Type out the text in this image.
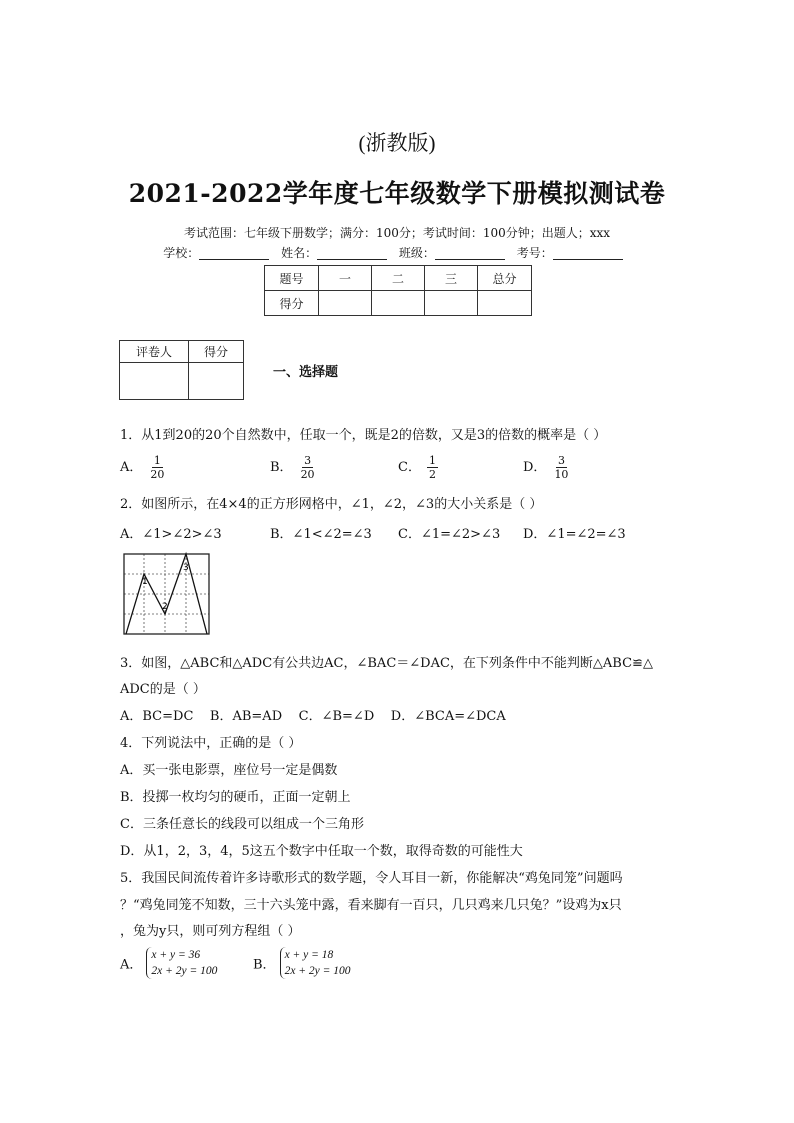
(浙教版)
2021-2022学年度七年级数学下册模拟测试卷
考试范围：七年级下册数学；满分：100分；考试时间：100分钟；出题人；xxx
学校：	姓名：	班级：	考号：
题号	一	二	三	总分
得分				
评卷人	得分

一、选择题
1．从1到20的20个自然数中，任取一个，既是2的倍数，又是3的倍数的概率是（ ）
A． $\frac{1}{20}$	B． $\frac{3}{20}$	C． $\frac{1}{2}$	D． $\frac{3}{10}$
2．如图所示，在4×4的正方形网格中，∠1，∠2，∠3的大小关系是（ ）
A．∠1>∠2>∠3	B．∠1<∠2=∠3 C．∠1=∠2>∠3 D．∠1=∠2=∠3
1
2
3
3．如图，△ABC和△ADC有公共边AC，∠BAC＝∠DAC，在下列条件中不能判断△ABC≌△
ADC的是（ ）
A．BC=DC    B．AB=AD    C．∠B=∠D    D．∠BCA=∠DCA
4．下列说法中，正确的是（ ）
A．买一张电影票，座位号一定是偶数
B．投掷一枚均匀的硬币，正面一定朝上
C．三条任意长的线段可以组成一个三角形
D．从1，2，3，4，5这五个数字中任取一个数，取得奇数的可能性大
5．我国民间流传着许多诗歌形式的数学题，令人耳目一新，你能解决“鸡兔同笼”问题吗
？“鸡兔同笼不知数，三十六头笼中露，看来脚有一百只，几只鸡来几只兔？”设鸡为x只
，兔为y只，则可列方程组（ ）
A．
x + y = 36
2x + 2y = 100	B．
x + y = 18
2x + 2y = 100
